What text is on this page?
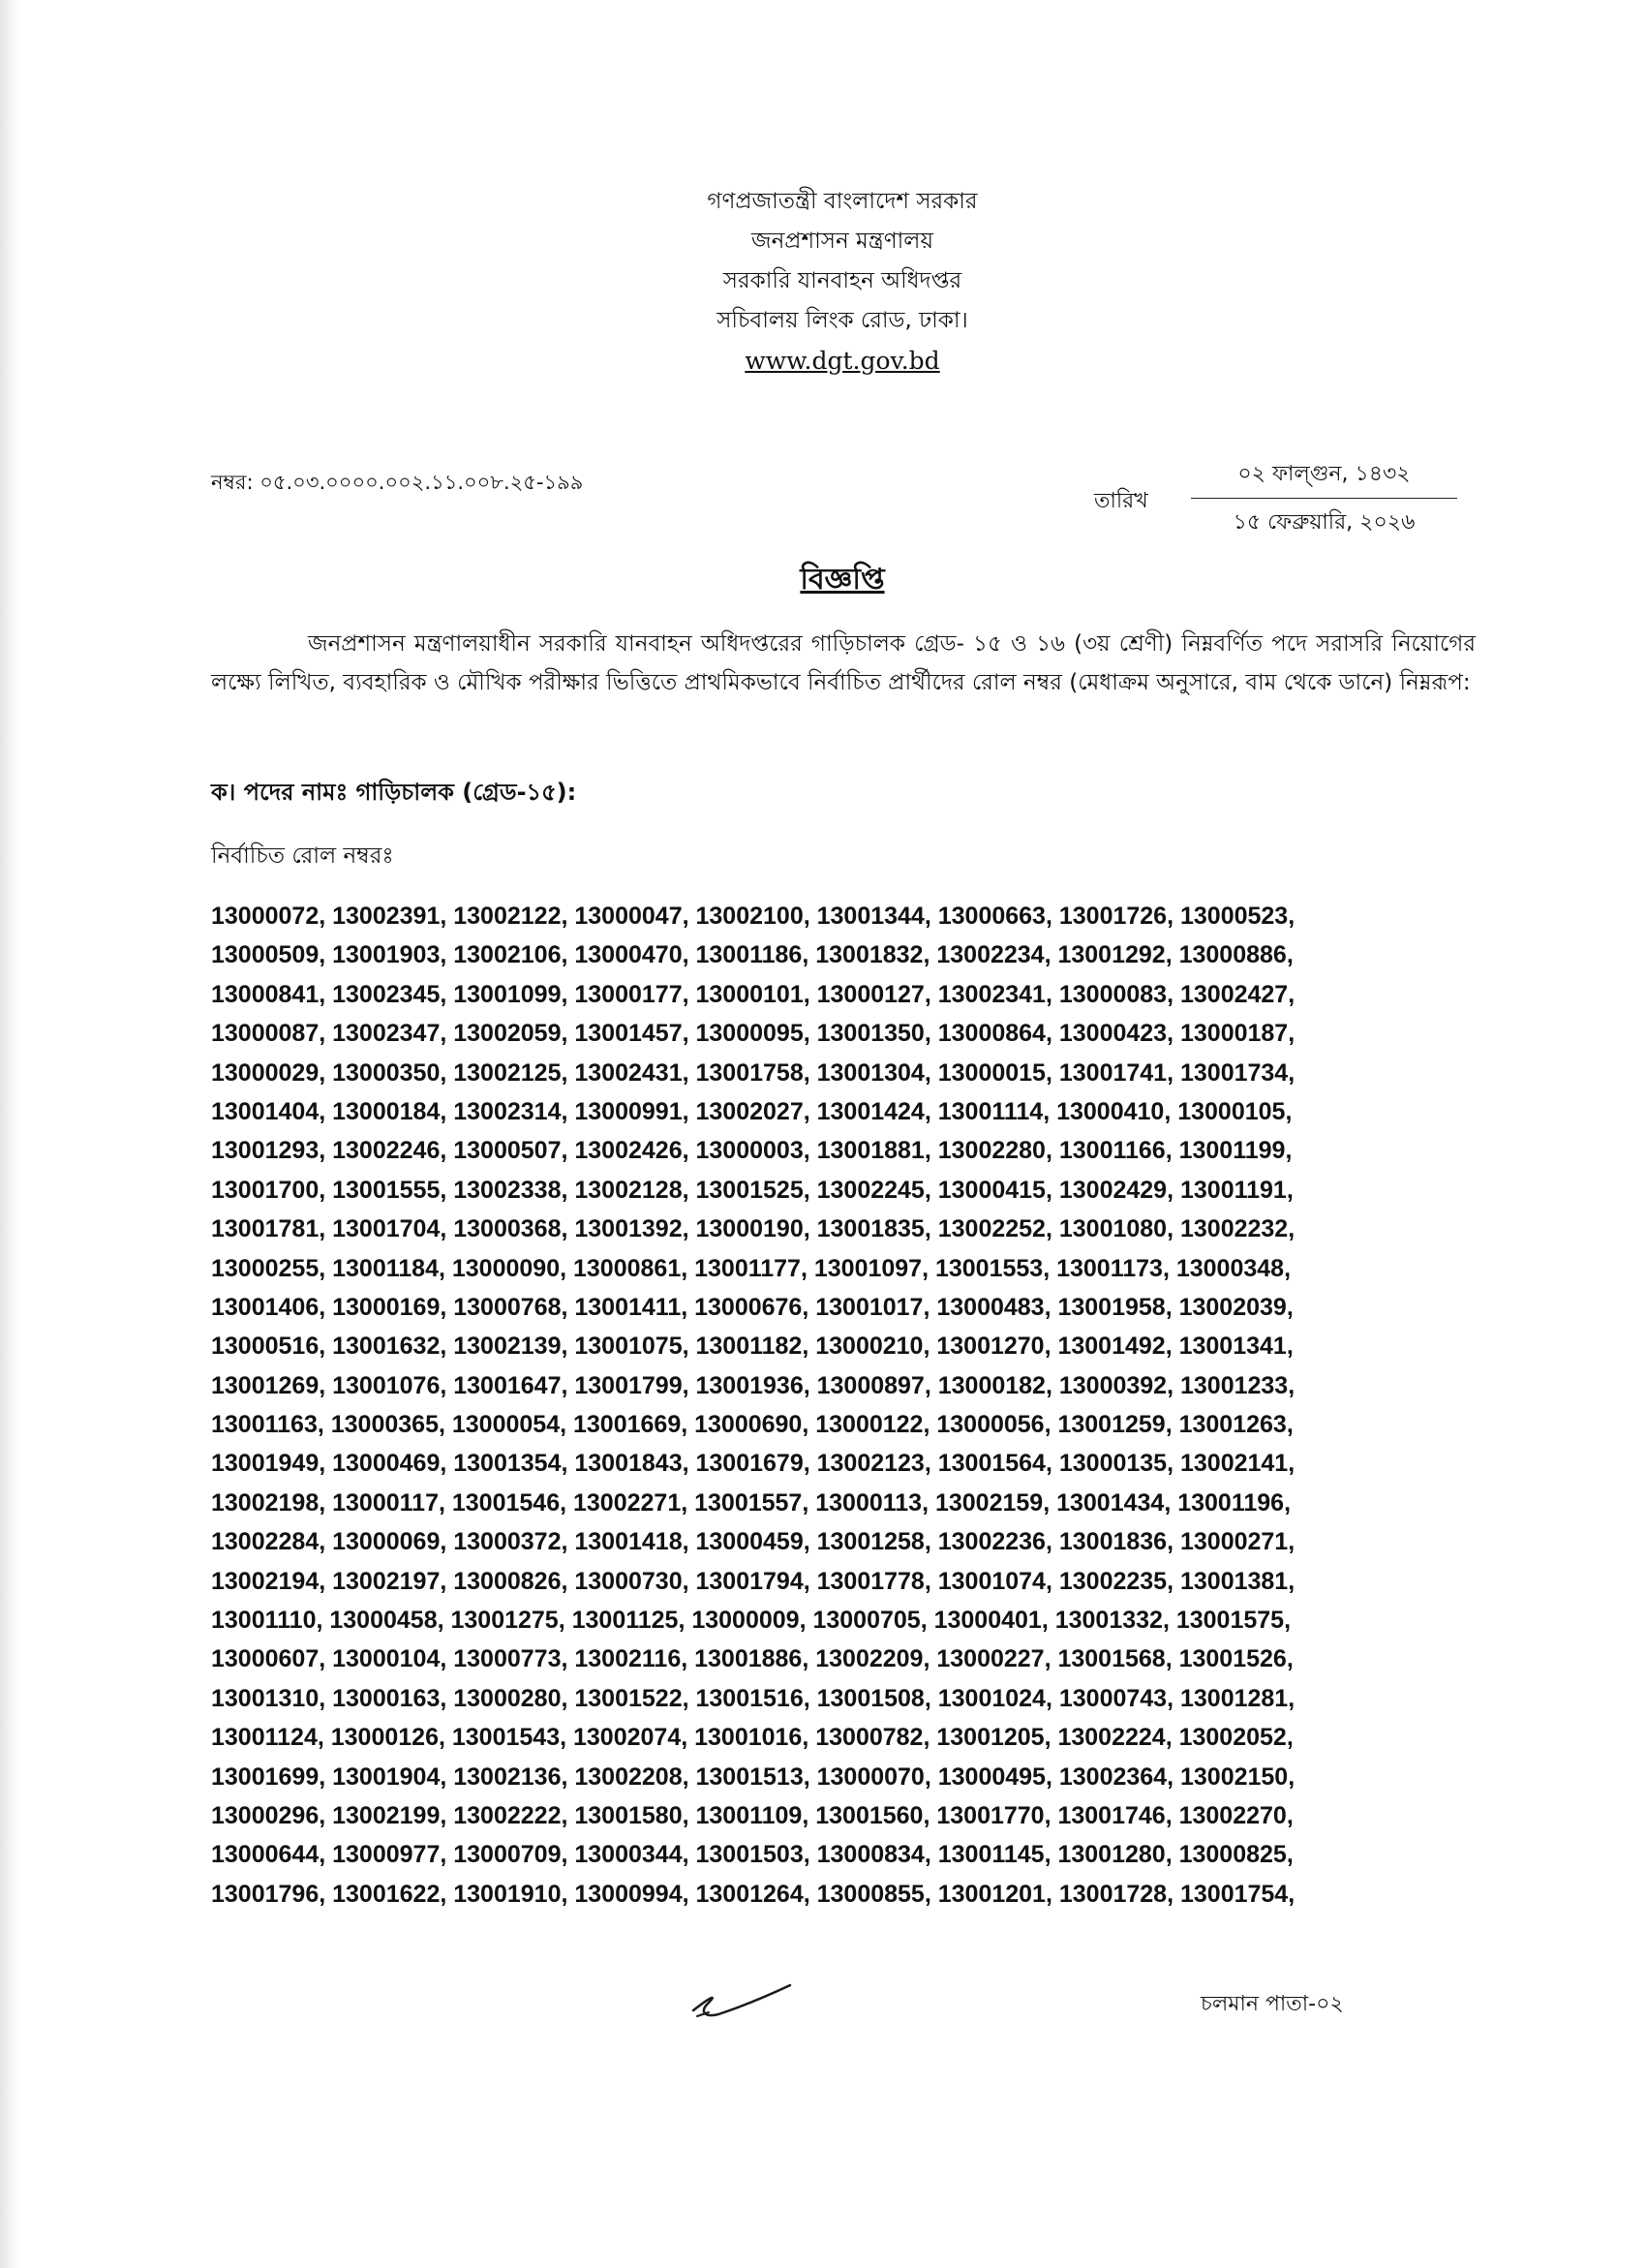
গণপ্রজাতন্ত্রী বাংলাদেশ সরকার
জনপ্রশাসন মন্ত্রণালয়
সরকারি যানবাহন অধিদপ্তর
সচিবালয় লিংক রোড, ঢাকা।
www.dgt.gov.bd
নম্বর: ০৫.০৩.০০০০.০০২.১১.০০৮.২৫-১৯৯
তারিখ
০২ ফাল্গুন, ১৪৩২
১৫ ফেব্রুয়ারি, ২০২৬
বিজ্ঞপ্তি
জনপ্রশাসন মন্ত্রণালয়াধীন সরকারি যানবাহন অধিদপ্তরের গাড়িচালক গ্রেড- ১৫ ও ১৬ (৩য় শ্রেণী) নিম্নবর্ণিত পদে সরাসরি নিয়োগের লক্ষ্যে লিখিত, ব্যবহারিক ও মৌখিক পরীক্ষার ভিত্তিতে প্রাথমিকভাবে নির্বাচিত প্রার্থীদের রোল নম্বর (মেধাক্রম অনুসারে, বাম থেকে ডানে) নিম্নরূপ:
ক। পদের নামঃ গাড়িচালক (গ্রেড-১৫):
নির্বাচিত রোল নম্বরঃ
13000072, 13002391, 13002122, 13000047, 13002100, 13001344, 13000663, 13001726, 13000523,
13000509, 13001903, 13002106, 13000470, 13001186, 13001832, 13002234, 13001292, 13000886,
13000841, 13002345, 13001099, 13000177, 13000101, 13000127, 13002341, 13000083, 13002427,
13000087, 13002347, 13002059, 13001457, 13000095, 13001350, 13000864, 13000423, 13000187,
13000029, 13000350, 13002125, 13002431, 13001758, 13001304, 13000015, 13001741, 13001734,
13001404, 13000184, 13002314, 13000991, 13002027, 13001424, 13001114, 13000410, 13000105,
13001293, 13002246, 13000507, 13002426, 13000003, 13001881, 13002280, 13001166, 13001199,
13001700, 13001555, 13002338, 13002128, 13001525, 13002245, 13000415, 13002429, 13001191,
13001781, 13001704, 13000368, 13001392, 13000190, 13001835, 13002252, 13001080, 13002232,
13000255, 13001184, 13000090, 13000861, 13001177, 13001097, 13001553, 13001173, 13000348,
13001406, 13000169, 13000768, 13001411, 13000676, 13001017, 13000483, 13001958, 13002039,
13000516, 13001632, 13002139, 13001075, 13001182, 13000210, 13001270, 13001492, 13001341,
13001269, 13001076, 13001647, 13001799, 13001936, 13000897, 13000182, 13000392, 13001233,
13001163, 13000365, 13000054, 13001669, 13000690, 13000122, 13000056, 13001259, 13001263,
13001949, 13000469, 13001354, 13001843, 13001679, 13002123, 13001564, 13000135, 13002141,
13002198, 13000117, 13001546, 13002271, 13001557, 13000113, 13002159, 13001434, 13001196,
13002284, 13000069, 13000372, 13001418, 13000459, 13001258, 13002236, 13001836, 13000271,
13002194, 13002197, 13000826, 13000730, 13001794, 13001778, 13001074, 13002235, 13001381,
13001110, 13000458, 13001275, 13001125, 13000009, 13000705, 13000401, 13001332, 13001575,
13000607, 13000104, 13000773, 13002116, 13001886, 13002209, 13000227, 13001568, 13001526,
13001310, 13000163, 13000280, 13001522, 13001516, 13001508, 13001024, 13000743, 13001281,
13001124, 13000126, 13001543, 13002074, 13001016, 13000782, 13001205, 13002224, 13002052,
13001699, 13001904, 13002136, 13002208, 13001513, 13000070, 13000495, 13002364, 13002150,
13000296, 13002199, 13002222, 13001580, 13001109, 13001560, 13001770, 13001746, 13002270,
13000644, 13000977, 13000709, 13000344, 13001503, 13000834, 13001145, 13001280, 13000825,
13001796, 13001622, 13001910, 13000994, 13001264, 13000855, 13001201, 13001728, 13001754,
চলমান পাতা-০২
